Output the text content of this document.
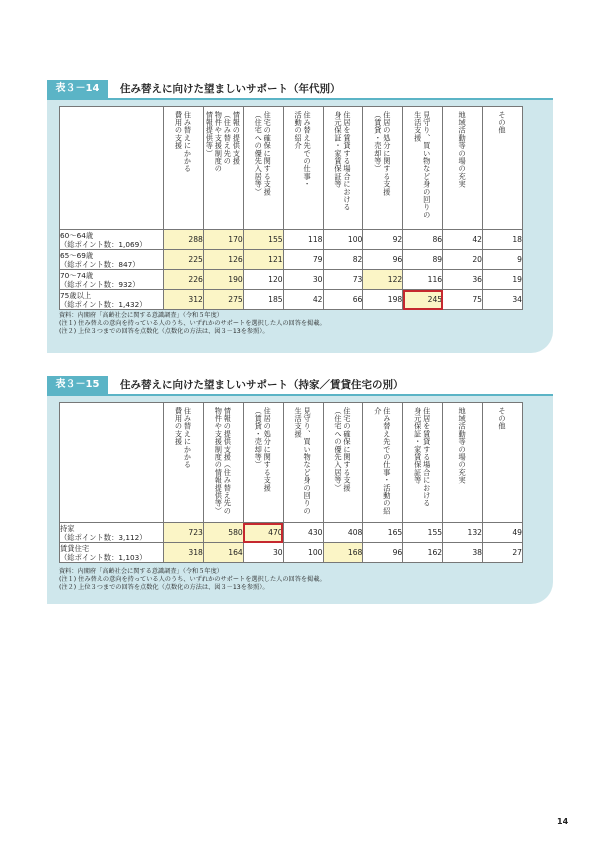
表３－14	住み替えに向けた望ましいサポート（年代別）

	住み替えにかかる
費用の支援	情報の提供支援
（住み替え先の
物件や支援制度の
情報提供等）	住宅の確保に関する支援
（住宅への優先入居等）	住み替え先での仕事・
活動の紹介	住居を賃貸する場合における
身元保証・家賃保証等	住居の処分に関する支援
（賃貸・売却等）	見守り、買い物など身の回りの
生活支援	地域活動等の場の充実	その他

60～64歳
（総ポイント数：1,069）	288	170	155	118	100	92	86	42	18

65～69歳
（総ポイント数：847）	225	126	121	79	82	96	89	20	9

70～74歳
（総ポイント数：932）	226	190	120	30	73	122	116	36	19

75歳以上
（総ポイント数：1,432）	312	275	185	42	66	198	245	75	34
資料：内閣府「高齢社会に関する意識調査」（令和５年度）
(注１) 住み替えの意向を持っている人のうち、いずれかのサポートを選択した人の回答を掲載。
(注２) 上位３つまでの回答を点数化（点数化の方法は、図３－13を参照）。
表３－15	住み替えに向けた望ましいサポート（持家／賃貸住宅の別）

	住み替えにかかる
費用の支援	情報の提供支援（住み替え先の
物件や支援制度の情報提供等）	住居の処分に関する支援
（賃貸・売却等）	見守り、買い物など身の回りの
生活支援	住宅の確保に関する支援
（住宅への優先入居等）	住み替え先での仕事・活動の紹
介	住居を賃貸する場合における
身元保証・家賃保証等	地域活動等の場の充実	その他

持家
（総ポイント数：3,112）	723	580	470	430	408	165	155	132	49

賃貸住宅
（総ポイント数：1,103）	318	164	30	100	168	96	162	38	27
資料：内閣府「高齢社会に関する意識調査」（令和５年度）
(注１) 住み替えの意向を持っている人のうち、いずれかのサポートを選択した人の回答を掲載。
(注２) 上位３つまでの回答を点数化（点数化の方法は、図３－13を参照）。
14
